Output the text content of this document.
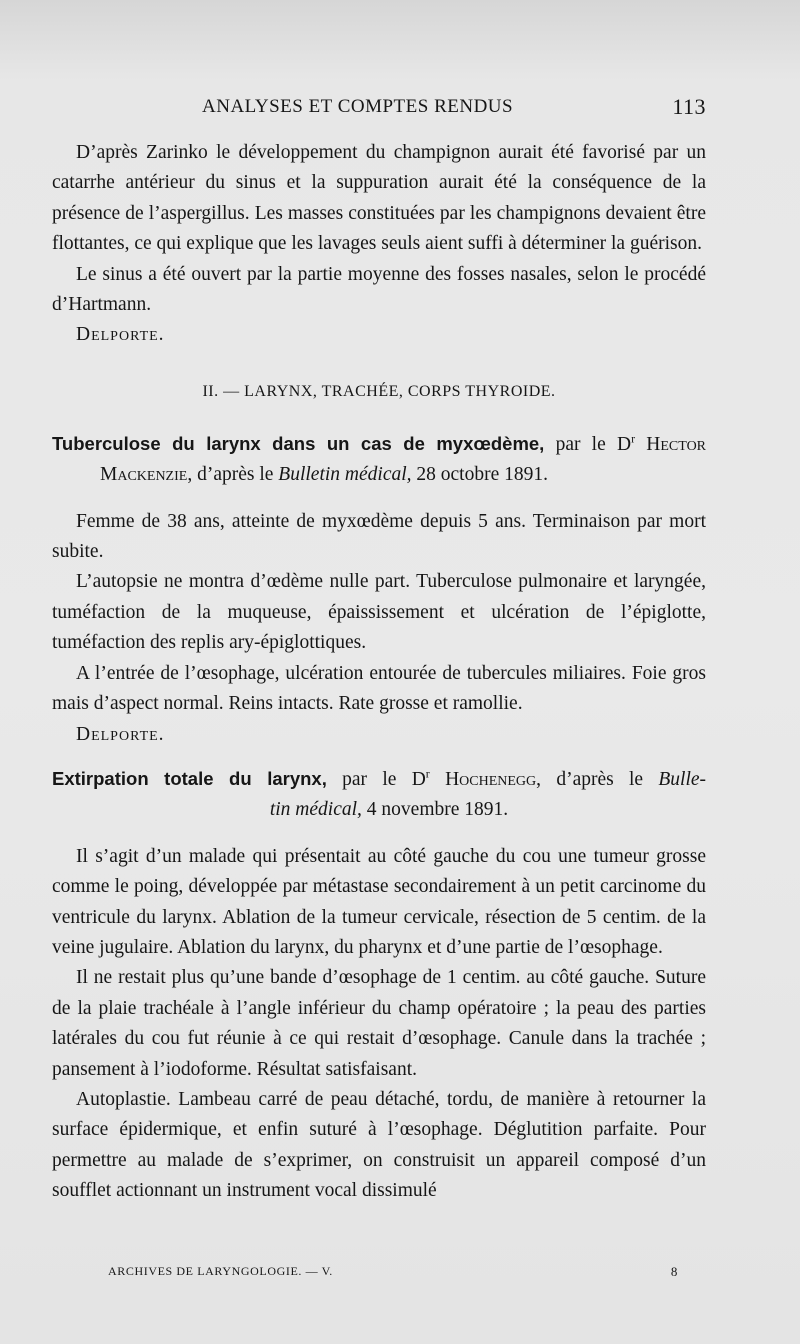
ANALYSES ET COMPTES RENDUS	113

D’après Zarinko le développement du champignon aurait été favorisé par un catarrhe antérieur du sinus et la suppuration aurait été la conséquence de la présence de l’aspergillus. Les masses constituées par les champignons devaient être flottantes, ce qui explique que les lavages seuls aient suffi à déterminer la guérison.

Le sinus a été ouvert par la partie moyenne des fosses nasales, selon le procédé d’Hartmann.

Delporte.

II. — LARYNX, TRACHÉE, CORPS THYROIDE.
Tuberculose du larynx dans un cas de myxœdème, par le $D^r$ Hector
Mackenzie, d’après le Bulletin médical, 28 octobre 1891.

Femme de 38 ans, atteinte de myxœdème depuis 5 ans. Terminaison par mort subite.

L’autopsie ne montra d’œdème nulle part. Tuberculose pulmonaire et laryngée, tuméfaction de la muqueuse, épaississement et ulcération de l’épiglotte, tuméfaction des replis ary-épiglottiques.

A l’entrée de l’œsophage, ulcération entourée de tubercules miliaires. Foie gros mais d’aspect normal. Reins intacts. Rate grosse et ramollie.

Delporte.

Extirpation totale du larynx, par le $D^r$ Hochenegg, d’après le Bulle-
tin médical, 4 novembre 1891.

Il s’agit d’un malade qui présentait au côté gauche du cou une tumeur grosse comme le poing, développée par métastase secondairement à un petit carcinome du ventricule du larynx. Ablation de la tumeur cervicale, résection de 5 centim. de la veine jugulaire. Ablation du larynx, du pharynx et d’une partie de l’œsophage.

Il ne restait plus qu’une bande d’œsophage de 1 centim. au côté gauche. Suture de la plaie trachéale à l’angle inférieur du champ opératoire ; la peau des parties latérales du cou fut réunie à ce qui restait d’œsophage. Canule dans la trachée ; pansement à l’iodoforme. Résultat satisfaisant.

Autoplastie. Lambeau carré de peau détaché, tordu, de manière à retourner la surface épidermique, et enfin suturé à l’œsophage. Déglutition parfaite. Pour permettre au malade de s’exprimer, on construisit un appareil composé d’un soufflet actionnant un instrument vocal dissimulé

ARCHIVES DE LARYNGOLOGIE. — V.	8
